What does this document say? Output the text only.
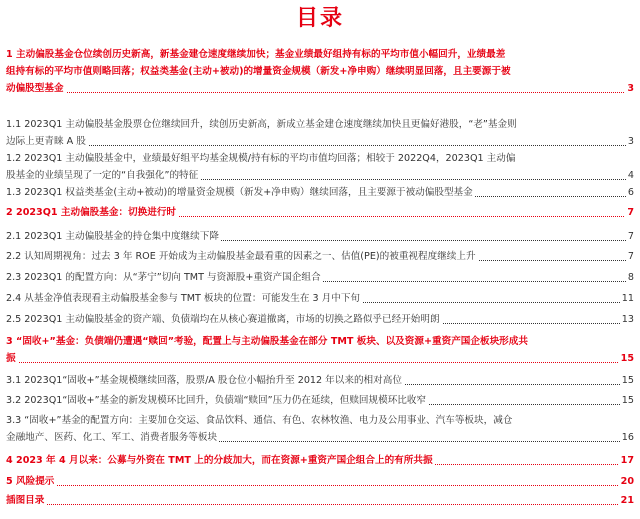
目录
1 主动偏股基金仓位续创历史新高，新基金建仓速度继续加快；基金业绩最好组持有标的平均市值小幅回升，业绩最差
组持有标的平均市值则略回落；权益类基金(主动+被动)的增量资金规模（新发+净申购）继续明显回落，且主要源于被
动偏股型基金	3
1.1 2023Q1 主动偏股基金股票仓位继续回升，续创历史新高，新成立基金建仓速度继续加快且更偏好港股，“老”基金则
边际上更青睐 A 股	3
1.2 2023Q1 主动偏股基金中，业绩最好组平均基金规模/持有标的平均市值均回落；相较于 2022Q4，2023Q1 主动偏
股基金的业绩呈现了一定的“自我强化”的特征	4
1.3 2023Q1 权益类基金(主动+被动)的增量资金规模（新发+净申购）继续回落，且主要源于被动偏股型基金	6
2 2023Q1 主动偏股基金：切换进行时	7
2.1 2023Q1 主动偏股基金的持仓集中度继续下降	7
2.2 认知周期视角：过去 3 年 ROE 开始成为主动偏股基金最看重的因素之一、估值(PE)的被重视程度继续上升	7
2.3 2023Q1 的配置方向：从“茅宁”切向 TMT 与资源股+重资产国企组合	8
2.4 从基金净值表现看主动偏股基金参与 TMT 板块的位置：可能发生在 3 月中下旬	11
2.5 2023Q1 主动偏股基金的资产端、负债端均在从核心赛道撤离，市场的切换之路似乎已经开始明朗	13
3 “固收+”基金：负债端仍遭遇“赎回”考验，配置上与主动偏股基金在部分 TMT 板块、以及资源+重资产国企板块形成共
振	15
3.1 2023Q1“固收+”基金规模继续回落，股票/A 股仓位小幅抬升至 2012 年以来的相对高位	15
3.2 2023Q1“固收+”基金的新发规模环比回升，负债端“赎回”压力仍在延续，但赎回规模环比收窄	15
3.3 “固收+”基金的配置方向：主要加仓交运、食品饮料、通信、有色、农林牧渔、电力及公用事业、汽车等板块，减仓
金融地产、医药、化工、军工、消费者服务等板块	16
4 2023 年 4 月以来：公募与外资在 TMT 上的分歧加大，而在资源+重资产国企组合上的有所共振	17
5 风险提示	20
插图目录	21
